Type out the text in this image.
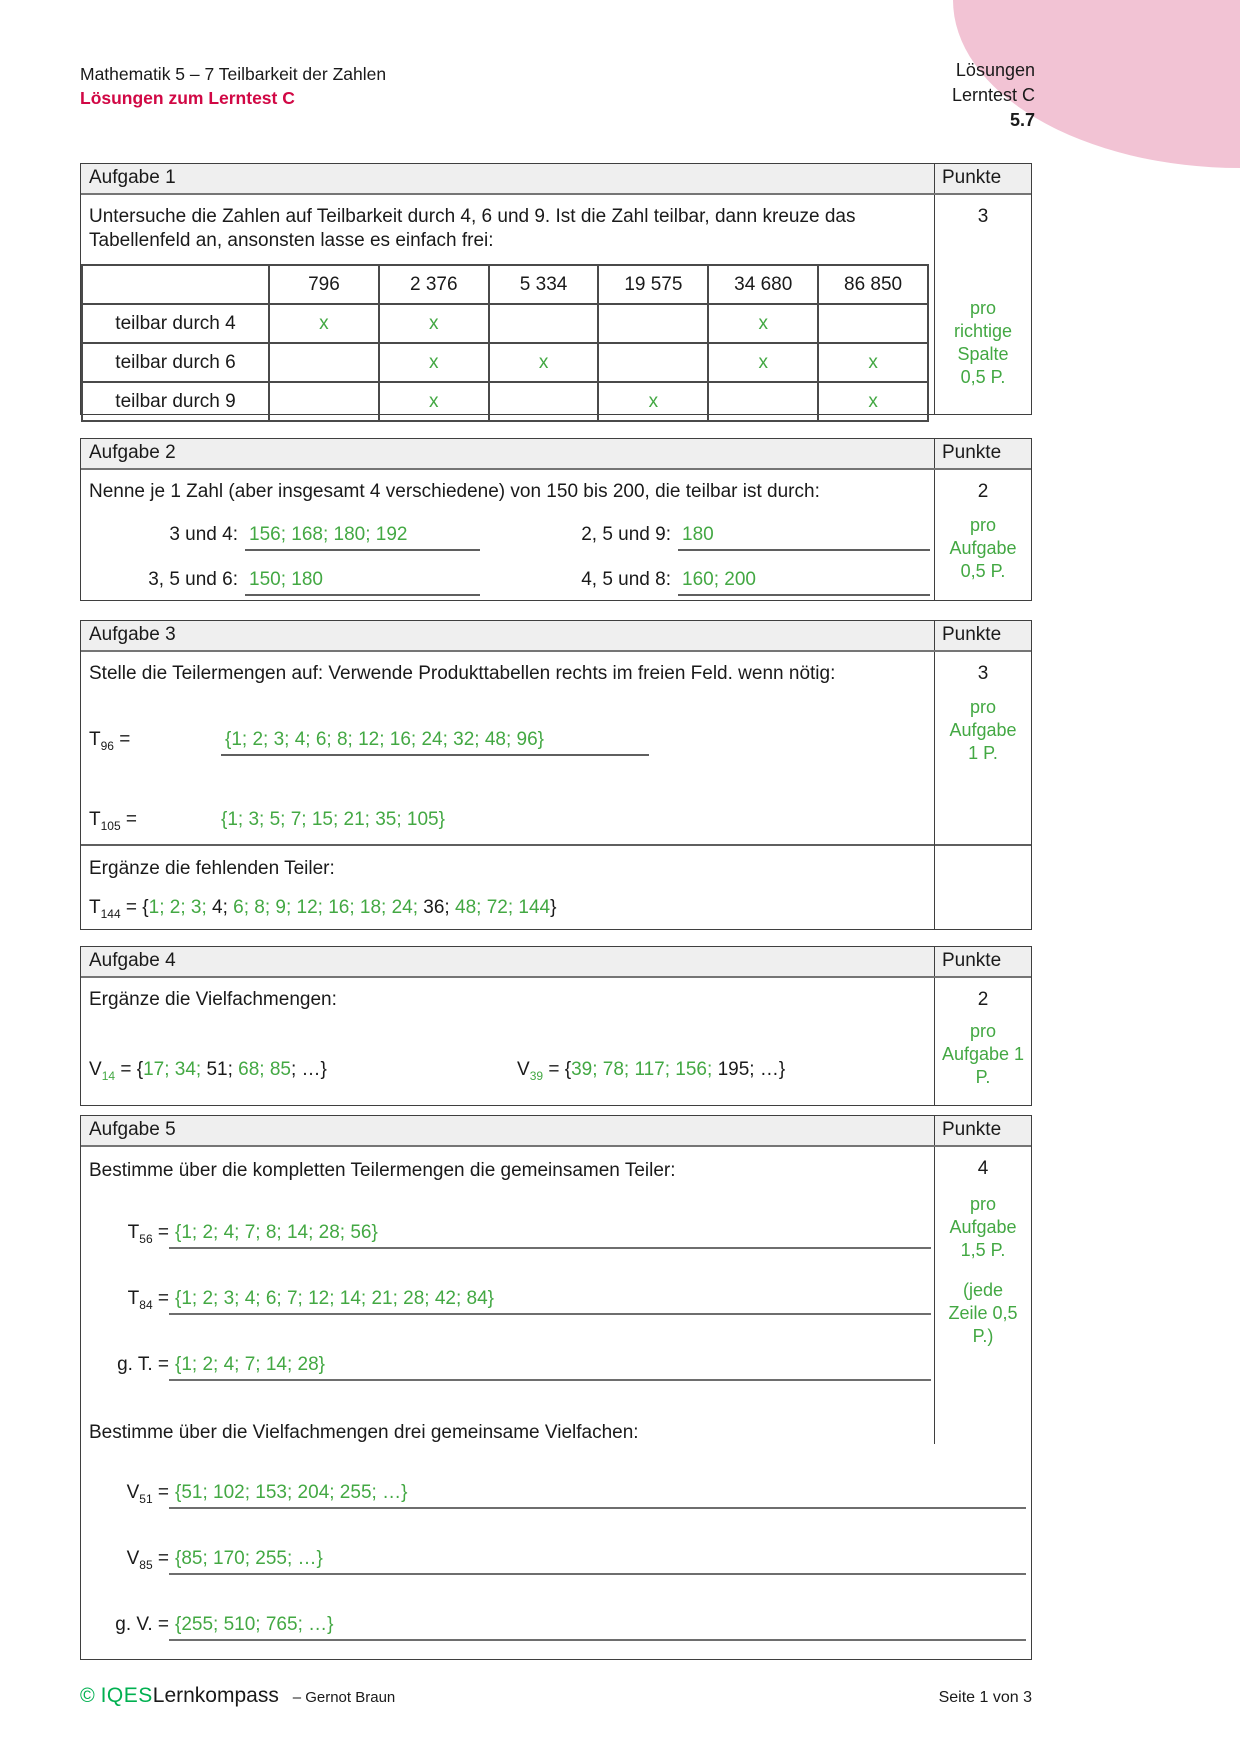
Lösungen
Lerntest C
5.7
Mathematik 5 – 7 Teilbarkeit der Zahlen
Lösungen zum Lerntest C
Aufgabe 1	Punkte
3
pro
richtige
Spalte
0,5 P.
Untersuche die Zahlen auf Teilbarkeit durch 4, 6 und 9. Ist die Zahl teilbar, dann kreuze das Tabellenfeld an, ansonsten lasse es einfach frei:
	796	2 376	5 334	19 575	34 680	86 850
teilbar durch 4	x	x			x	
teilbar durch 6		x	x		x	x
teilbar durch 9		x		x		x
Aufgabe 2	Punkte
2
pro
Aufgabe
0,5 P.
Nenne je 1 Zahl (aber insgesamt 4 verschiedene) von 150 bis 200, die teilbar ist durch:
3 und 4: 156; 168; 180; 192	2, 5 und 9: 180
3, 5 und 6: 150; 180	4, 5 und 8: 160; 200
Aufgabe 3	Punkte
3
pro
Aufgabe
1 P.
Stelle die Teilermengen auf: Verwende Produkttabellen rechts im freien Feld. wenn nötig:
$T_{96}$ =	{1; 2; 3; 4; 6; 8; 12; 16; 24; 32; 48; 96}
$T_{105}$ =	{1; 3; 5; 7; 15; 21; 35; 105}
Ergänze die fehlenden Teiler:
$T_{144} = \{1$; 2; 3; 4; 6; 8; 9; 12; 16; 18; 24; 36; 48; 72; 144}
Aufgabe 4	Punkte
2
pro
Aufgabe 1
P.
Ergänze die Vielfachmengen:
$V_{14} = \{17$; 34; 51; 68; 85; …}	$V_{39} = \{39$; 78; 117; 156; 195; …}
Aufgabe 5	Punkte
4
pro
Aufgabe
1,5 P.
(jede
Zeile 0,5
P.)
Bestimme über die kompletten Teilermengen die gemeinsamen Teiler:
$T_{56} = \{1$; 2; 4; 7; 8; 14; 28; 56}
$T_{84} = \{1$; 2; 3; 4; 6; 7; 12; 14; 21; 28; 42; 84}
g. T. = {1; 2; 4; 7; 14; 28}
Bestimme über die Vielfachmengen drei gemeinsame Vielfachen:
$V_{51} = \{51$; 102; 153; 204; 255; …}
$V_{85} = \{85$; 170; 255; …}
g. V. = {255; 510; 765; …}
© IQESLernkompass – Gernot Braun	Seite 1 von 3
